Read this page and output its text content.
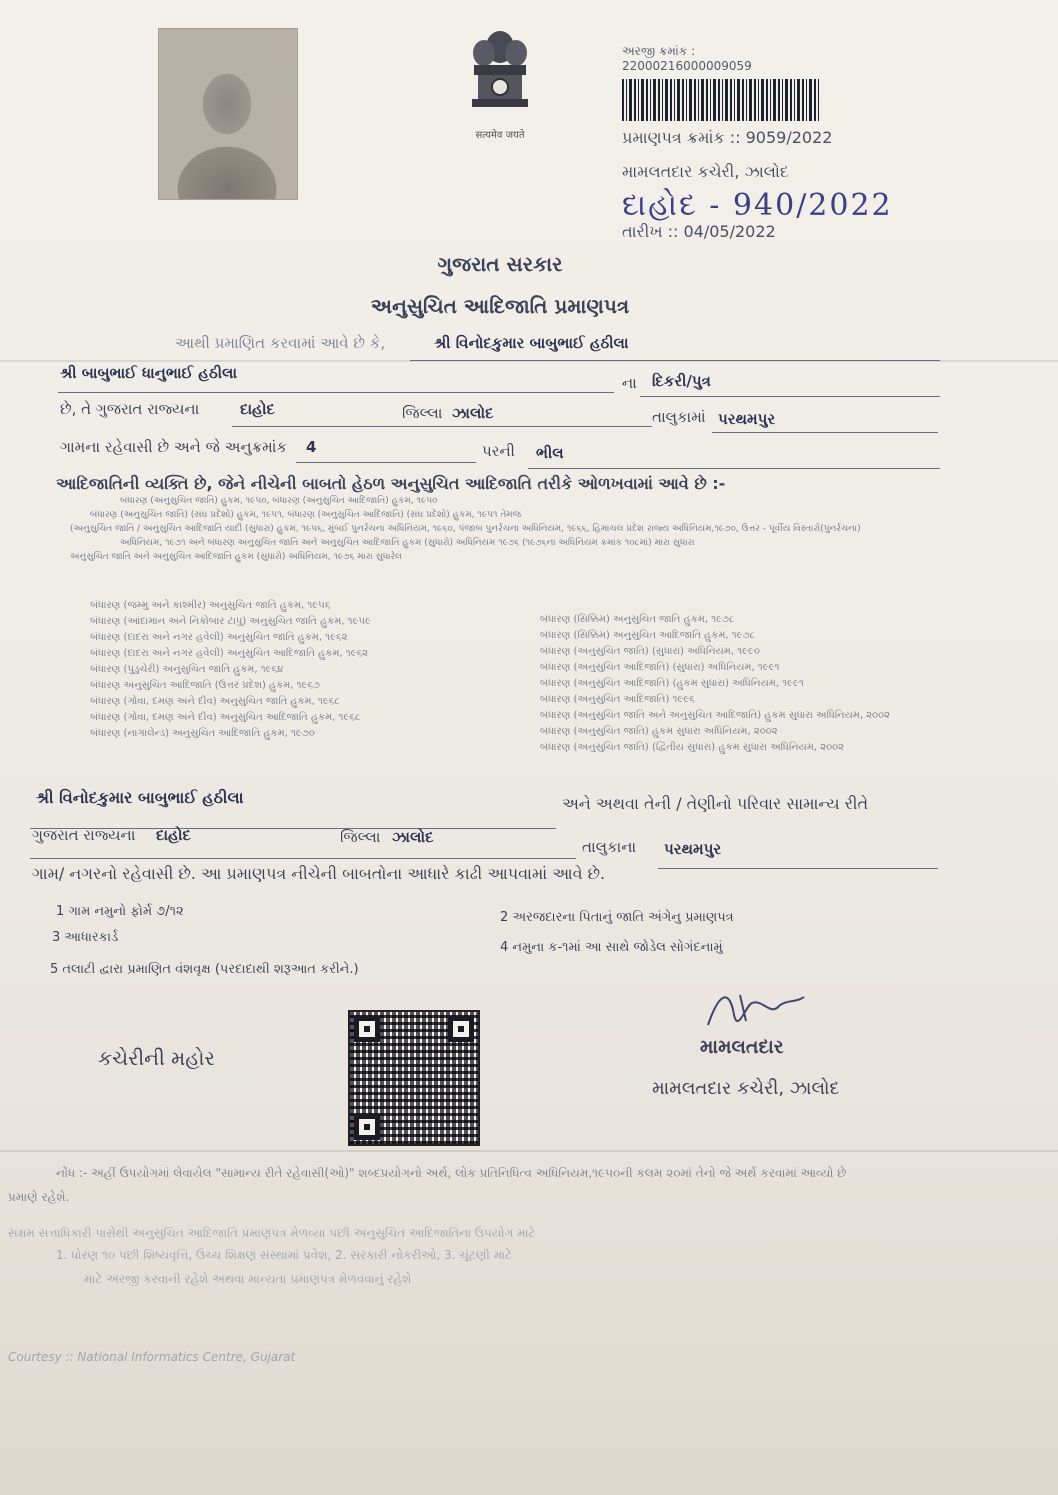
सत्यमेव जयते
અરજી ક્રમાંક : 22000216000009059
પ્રમાણપત્ર ક્રમાંક :: 9059/2022
મામલતદાર કચેરી, ઝાલોદ
દાહોદ - 940/2022
તારીખ :: 04/05/2022
ગુજરાત સરકાર
અનુસુચિત આદિજાતિ પ્રમાણપત્ર
આથી પ્રમાણિત કરવામાં આવે છે કે,	શ્રી વિનોદકુમાર બાબુભાઈ હઠીલા
શ્રી બાબુભાઈ ધાનુભાઈ હઠીલા
ના દિકરી/પુત્ર
છે, તે ગુજરાત રાજ્યના	દાહોદ	જિલ્લા ઝાલોદ	તાલુકામાં પરથમપુર
ગામના રહેવાસી છે અને જે અનુક્રમાંક 4	પરની ભીલ
આદિજાતિની વ્યક્તિ છે, જેને નીચેની બાબતો હેઠળ અનુસુચિત આદિજાતિ તરીકે ઓળખવામાં આવે છે :-
બંધારણ (અનુસુચિત જાતિ) હુકમ, ૧૯૫૦, બંધારણ (અનુસુચિત આદિજાતિ) હુકમ, ૧૯૫૦
બંધારણ (અનુસુચિત જાતિ) (સંઘ પ્રદેશો) હુકમ, ૧૯૫૧, બંધારણ (અનુસુચિત આદિજાતિ) (સંઘ પ્રદેશો) હુકમ, ૧૯૫૧ તેમજ
(અનુસુચિત જાતિ / અનુસુચિત આદિજાતિ યાદી (સુધારા) હુકમ, ૧૯૫૬, મુંબઈ પુનર્રચના અધિનિયમ, ૧૯૬૦, પંજાબ પુનર્રચના અધિનિયમ, ૧૯૬૬, હિમાચલ પ્રદેશ રાજ્ય અધિનિયમ,૧૯૭૦, ઉત્તર - પૂર્વીય વિસ્તારો(પુનર્રચના)
અધિનિયમ, ૧૯૭૧ અને બંધારણ અનુસુચિત જાતિ અને અનુસુચિત આદિજાતિ હુકમ (સુધારો) અધિનિયમ ૧૯૭૬ (૧૯૭૬ના અધિનિયમ ક્રમાંક ૧૦૮માં) મારા સુધારા
અનુસુચિત જાતિ અને અનુસુચિત આદિજાતિ હુકમ (સુધારો) અધિનિયમ, ૧૯૭૬ મારા સુધારેલ
બંધારણ (જમ્મુ અને કાશ્મીર) અનુસુચિત જાતિ હુકમ, ૧૯૫૬
બંધારણ (આંદામાન અને નિકોબાર ટાપુ) અનુસુચિત જાતિ હુકમ, ૧૯૫૯
બંધારણ (દાદરા અને નગર હવેલી) અનુસુચિત જાતિ હુકમ, ૧૯૬૨
બંધારણ (દાદરા અને નગર હવેલી) અનુસુચિત આદિજાતિ હુકમ, ૧૯૬૨
બંધારણ (પુડુચેરી) અનુસુચિત જાતિ હુકમ, ૧૯૬૪
બંધારણ અનુસુચિત આદિજાતિ (ઉત્તર પ્રદેશ) હુકમ, ૧૯૬૭
બંધારણ (ગોવા, દમણ અને દીવ) અનુસુચિત જાતિ હુકમ, ૧૯૬૮
બંધારણ (ગોવા, દમણ અને દીવ) અનુસુચિત આદિજાતિ હુકમ, ૧૯૬૮
બંધારણ (નાગાલેન્ડ) અનુસુચિત આદિજાતિ હુકમ, ૧૯૭૦
બંધારણ (સિક્કિમ) અનુસુચિત જાતિ હુકમ, ૧૯૭૮
બંધારણ (સિક્કિમ) અનુસુચિત આદિજાતિ હુકમ, ૧૯૭૮
બંધારણ (અનુસુચિત જાતિ) (સુધારા) અધિનિયમ, ૧૯૯૦
બંધારણ (અનુસુચિત આદિજાતિ) (સુધારા) અધિનિયમ, ૧૯૯૧
બંધારણ (અનુસુચિત આદિજાતિ) (હુકમ સુધારા) અધિનિયમ, ૧૯૯૧
બંધારણ (અનુસુચિત આદિજાતિ) ૧૯૯૬
બંધારણ (અનુસુચિત જાતિ અને અનુસુચિત આદિજાતિ) હુકમ સુધારા અધિનિયમ, ૨૦૦૨
બંધારણ (અનુસુચિત જાતિ) હુકમ સુધારા અધિનિયમ, ૨૦૦૨
બંધારણ (અનુસુચિત જાતિ) (દ્વિતીય સુધારા) હુકમ સુધારા અધિનિયમ, ૨૦૦૨
શ્રી વિનોદકુમાર બાબુભાઈ હઠીલા	અને અથવા તેની / તેણીનો પરિવાર સામાન્ય રીતે
ગુજરાત રાજ્યના દાહોદ	જિલ્લા ઝાલોદ
તાલુકાના પરથમપુર
ગામ/ નગરનો રહેવાસી છે. આ પ્રમાણપત્ર નીચેની બાબતોના આધારે કાઢી આપવામાં આવે છે.
1 ગામ નમુનો ફોર્મ ૭/૧૨	2 અરજદારના પિતાનું જાતિ અંગેનુ પ્રમાણપત્ર
3 આધારકાર્ડ
4 નમુના ક-૧માં આ સાથે જોડેલ સોગંદનામું
5 તલાટી દ્વારા પ્રમાણિત વંશવૃક્ષ (પરદાદાથી શરૂઆત કરીને.)
કચેરીની મહોર	મામલતદાર
મામલતદાર કચેરી, ઝાલોદ
નોંધ :- અહીં ઉપયોગમાં લેવાયેલ "સામાન્ય રીતે રહેવાસી(ઓ)" શબ્દપ્રયોગનો અર્થ, લોક પ્રતિનિધિત્વ અધિનિયમ,૧૯૫૦ની કલમ ૨૦માં તેનો જે અર્થ કરવામાં આવ્યો છે
પ્રમાણે રહેશે.
સક્ષમ સત્તાધિકારી પાસેથી અનુસુચિત આદિજાતિ પ્રમાણપત્ર મેળવ્યા પછી અનુસુચિત આદિજાતિના ઉપયોગ માટે
1. ધોરણ ૧૦ પછી શિષ્યવૃત્તિ, ઉચ્ચ શિક્ષણ સંસ્થામાં પ્રવેશ, 2. સરકારી નોકરીઓ, 3. ચૂંટણી માટે
માટે અરજી કરવાની રહેશે અથવા માન્યતા પ્રમાણપત્ર મેળવવાનું રહેશે
Courtesy :: National Informatics Centre, Gujarat
